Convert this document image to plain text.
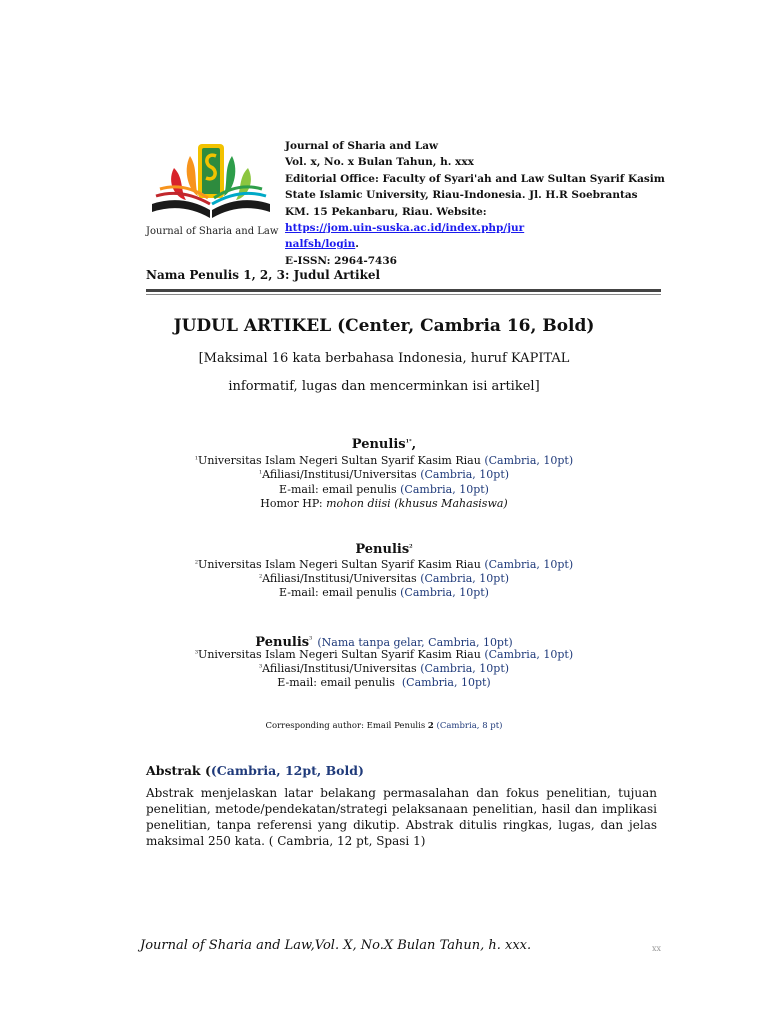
Journal of Sharia and Law
Journal of Sharia and Law
Vol. x, No. x Bulan Tahun, h. xxx
Editorial Office: Faculty of Syari'ah and Law Sultan Syarif Kasim State Islamic University, Riau-Indonesia. Jl. H.R Soebrantas KM. 15 Pekanbaru, Riau. Website:
https://jom.uin-suska.ac.id/index.php/jur
nalfsh/login.
E-ISSN: 2964-7436
Nama Penulis 1, 2, 3: Judul Artikel
JUDUL ARTIKEL (Center, Cambria 16, Bold)
[Maksimal 16 kata berbahasa Indonesia, huruf KAPITAL
informatif, lugas dan mencerminkan isi artikel]
Penulis$^{1*}$,
$^1$Universitas Islam Negeri Sultan Syarif Kasim Riau (Cambria, 10pt)
$^1$Afiliasi/Institusi/Universitas (Cambria, 10pt)
E-mail: email penulis (Cambria, 10pt)
Homor HP: mohon diisi (khusus Mahasiswa)
Penulis$^2$
$^2$Universitas Islam Negeri Sultan Syarif Kasim Riau (Cambria, 10pt)
$^2$Afiliasi/Institusi/Universitas (Cambria, 10pt)
E-mail: email penulis (Cambria, 10pt)
Penulis$^3$ (Nama tanpa gelar, Cambria, 10pt)
$^3$Universitas Islam Negeri Sultan Syarif Kasim Riau (Cambria, 10pt)
$^3$Afiliasi/Institusi/Universitas (Cambria, 10pt)
E-mail: email penulis (Cambria, 10pt)
Corresponding author: Email Penulis 2 (Cambria, 8 pt)
Abstrak ((Cambria, 12pt, Bold)
Abstrak menjelaskan latar belakang permasalahan dan fokus penelitian, tujuan penelitian, metode/pendekatan/strategi pelaksanaan penelitian, hasil dan implikasi penelitian, tanpa referensi yang dikutip. Abstrak ditulis ringkas, lugas, dan jelas maksimal 250 kata. ( Cambria, 12 pt, Spasi 1)
Journal of Sharia and Law,Vol. X, No.X Bulan Tahun, h. xxx.	xx
